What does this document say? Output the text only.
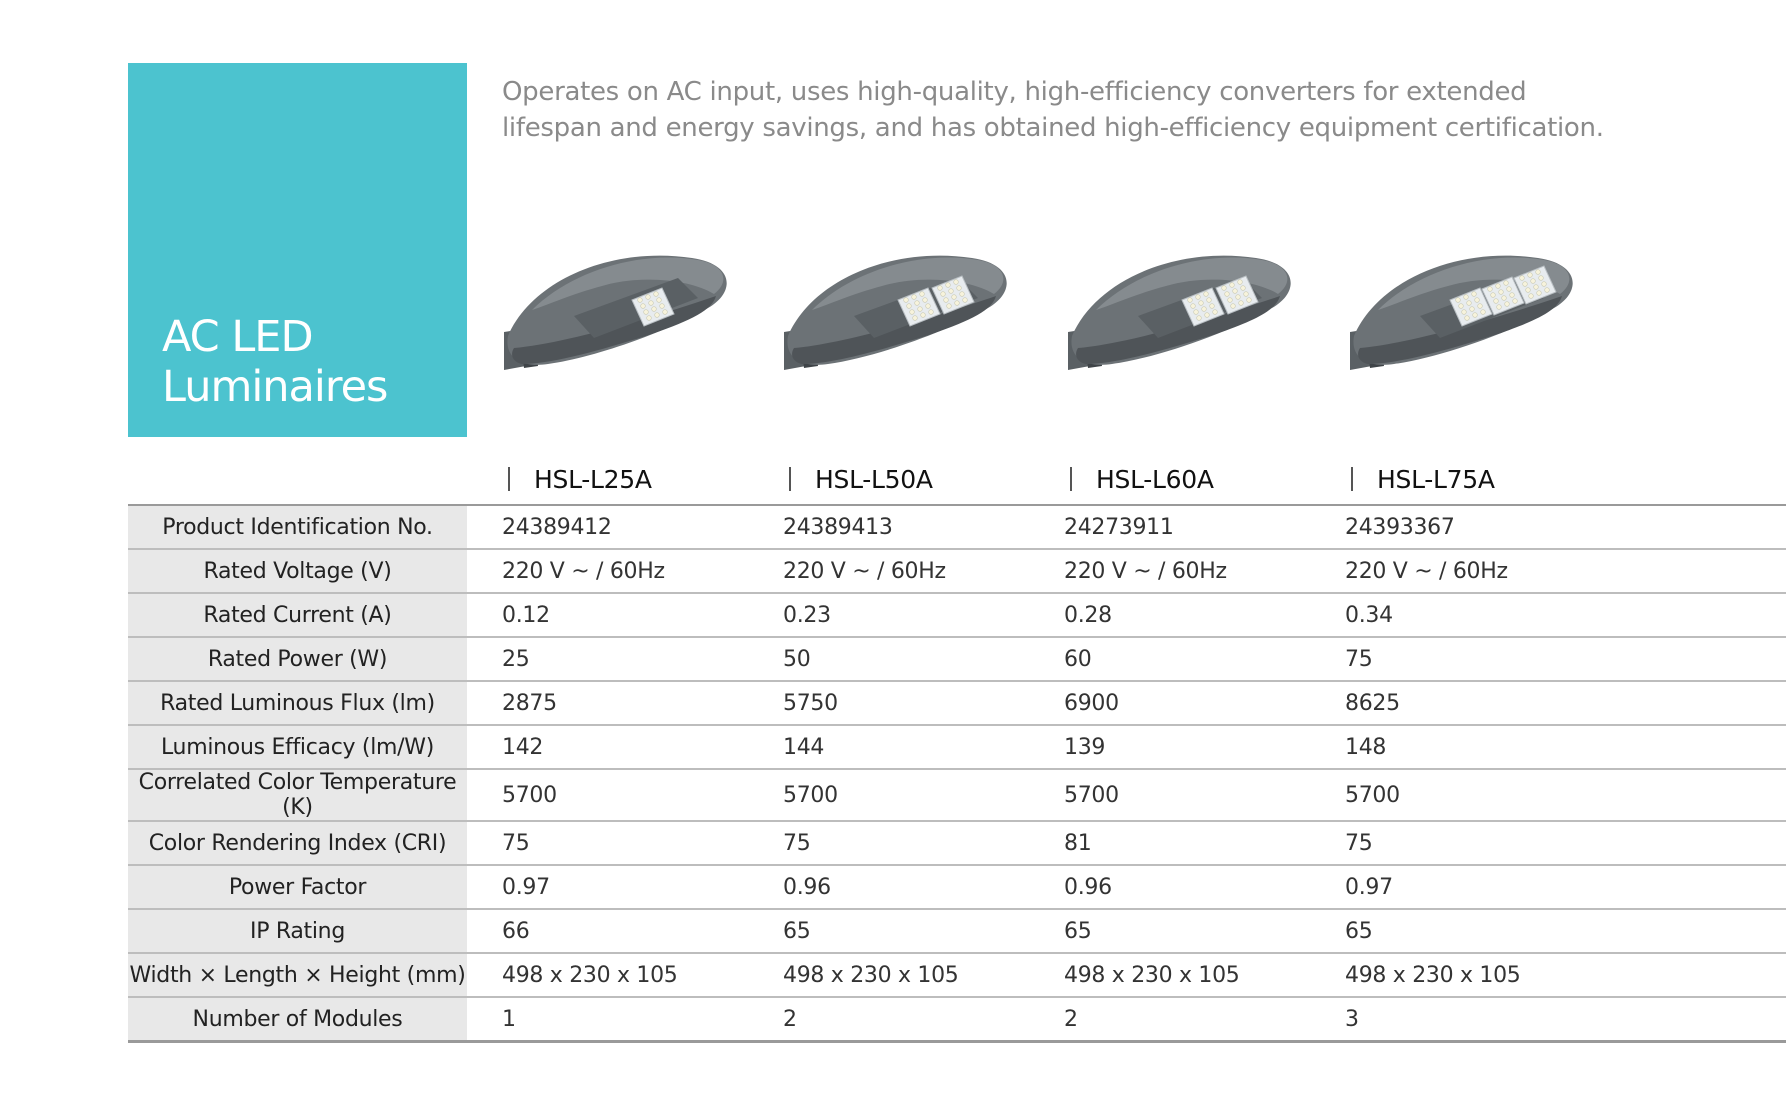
AC LED
Luminaires
Operates on AC input, uses high-quality, high-efficiency converters for extended
lifespan and energy savings, and has obtained high-efficiency equipment certification.
HSL-L25A	HSL-L50A	HSL-L60A	HSL-L75A
Product Identification No.		24389412	24389413	24273911	24393367
Rated Voltage (V)		220 V ~ / 60Hz	220 V ~ / 60Hz	220 V ~ / 60Hz	220 V ~ / 60Hz
Rated Current (A)		0.12	0.23	0.28	0.34
Rated Power (W)		25	50	60	75
Rated Luminous Flux (lm)		2875	5750	6900	8625
Luminous Efficacy (lm/W)		142	144	139	148
Correlated Color Temperature (K)		5700	5700	5700	5700
Color Rendering Index (CRI)		75	75	81	75
Power Factor		0.97	0.96	0.96	0.97
IP Rating		66	65	65	65
Width × Length × Height (mm)		498 x 230 x 105	498 x 230 x 105	498 x 230 x 105	498 x 230 x 105
Number of Modules		1	2	2	3
